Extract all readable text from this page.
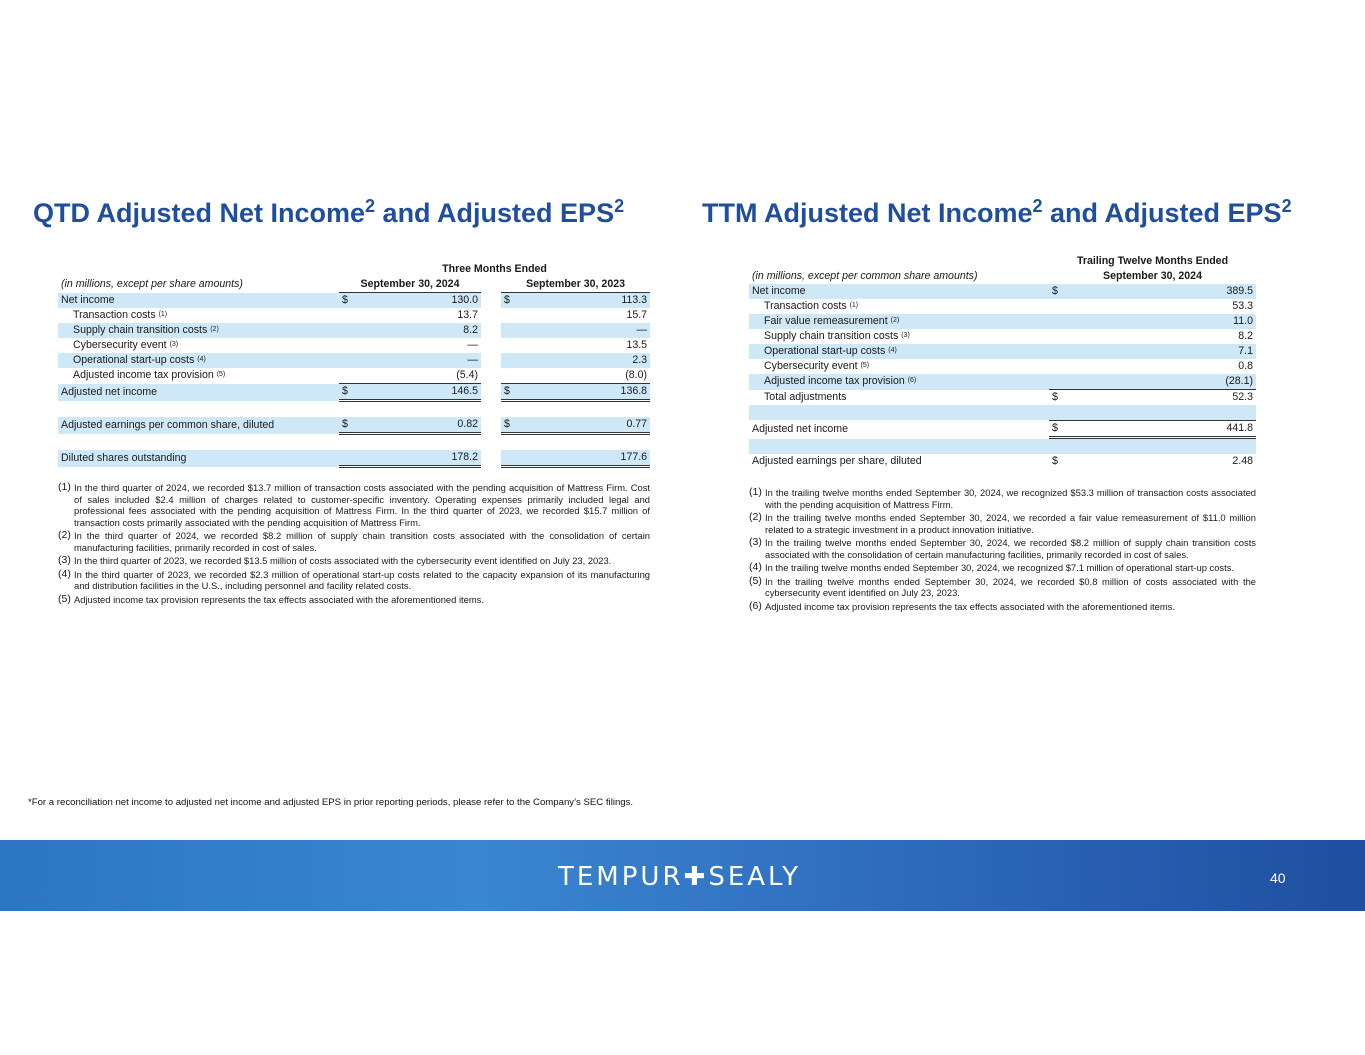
QTD Adjusted Net Income$^2$ and Adjusted EPS$^2$	TTM Adjusted Net Income$^2$ and Adjusted EPS$^2$
	Three Months Ended				
(in millions, except per share amounts)	September 30, 2024			September 30, 2023	
Net income	$	130.0		$	113.3
Transaction costs $^{(1)}$		13.7			15.7
Supply chain transition costs $^{(2)}$		8.2			—
Cybersecurity event $^{(3)}$		—			13.5
Operational start-up costs $^{(4)}$		—			2.3
Adjusted income tax provision $^{(5)}$		(5.4)			(8.0)
Adjusted net income	$	146.5		$	136.8

Adjusted earnings per common share, diluted	$	0.82		$	0.77

Diluted shares outstanding		178.2			177.6
(1) In the third quarter of 2024, we recorded $13.7 million of transaction costs associated with the pending acquisition of Mattress Firm. Cost of sales included $2.4 million of charges related to customer-specific inventory. Operating expenses primarily included legal and professional fees associated with the pending acquisition of Mattress Firm. In the third quarter of 2023, we recorded $15.7 million of transaction costs primarily associated with the pending acquisition of Mattress Firm.
(2) In the third quarter of 2024, we recorded $8.2 million of supply chain transition costs associated with the consolidation of certain manufacturing facilities, primarily recorded in cost of sales.
(3) In the third quarter of 2023, we recorded $13.5 million of costs associated with the cybersecurity event identified on July 23, 2023.
(4) In the third quarter of 2023, we recorded $2.3 million of operational start-up costs related to the capacity expansion of its manufacturing and distribution facilities in the U.S., including personnel and facility related costs.
(5) Adjusted income tax provision represents the tax effects associated with the aforementioned items.
	Trailing Twelve Months Ended	
(in millions, except per common share amounts)	September 30, 2024	
Net income	$	389.5
Transaction costs $^{(1)}$		53.3
Fair value remeasurement $^{(2)}$		11.0
Supply chain transition costs $^{(3)}$		8.2
Operational start-up costs $^{(4)}$		7.1
Cybersecurity event $^{(5)}$		0.8
Adjusted income tax provision $^{(6)}$		(28.1)
Total adjustments	$	52.3

Adjusted net income	$	441.8

Adjusted earnings per share, diluted	$	2.48
(1) In the trailing twelve months ended September 30, 2024, we recognized $53.3 million of transaction costs associated with the pending acquisition of Mattress Firm.
(2) In the trailing twelve months ended September 30, 2024, we recorded a fair value remeasurement of $11.0 million related to a strategic investment in a product innovation initiative.
(3) In the trailing twelve months ended September 30, 2024, we recorded $8.2 million of supply chain transition costs associated with the consolidation of certain manufacturing facilities, primarily recorded in cost of sales.
(4) In the trailing twelve months ended September 30, 2024, we recognized $7.1 million of operational start-up costs.
(5) In the trailing twelve months ended September 30, 2024, we recorded $0.8 million of costs associated with the cybersecurity event identified on July 23, 2023.
(6) Adjusted income tax provision represents the tax effects associated with the aforementioned items.
*For a reconciliation net income to adjusted net income and adjusted EPS in prior reporting periods, please refer to the Company’s SEC filings.
TEMPUR✚SEALY	40
